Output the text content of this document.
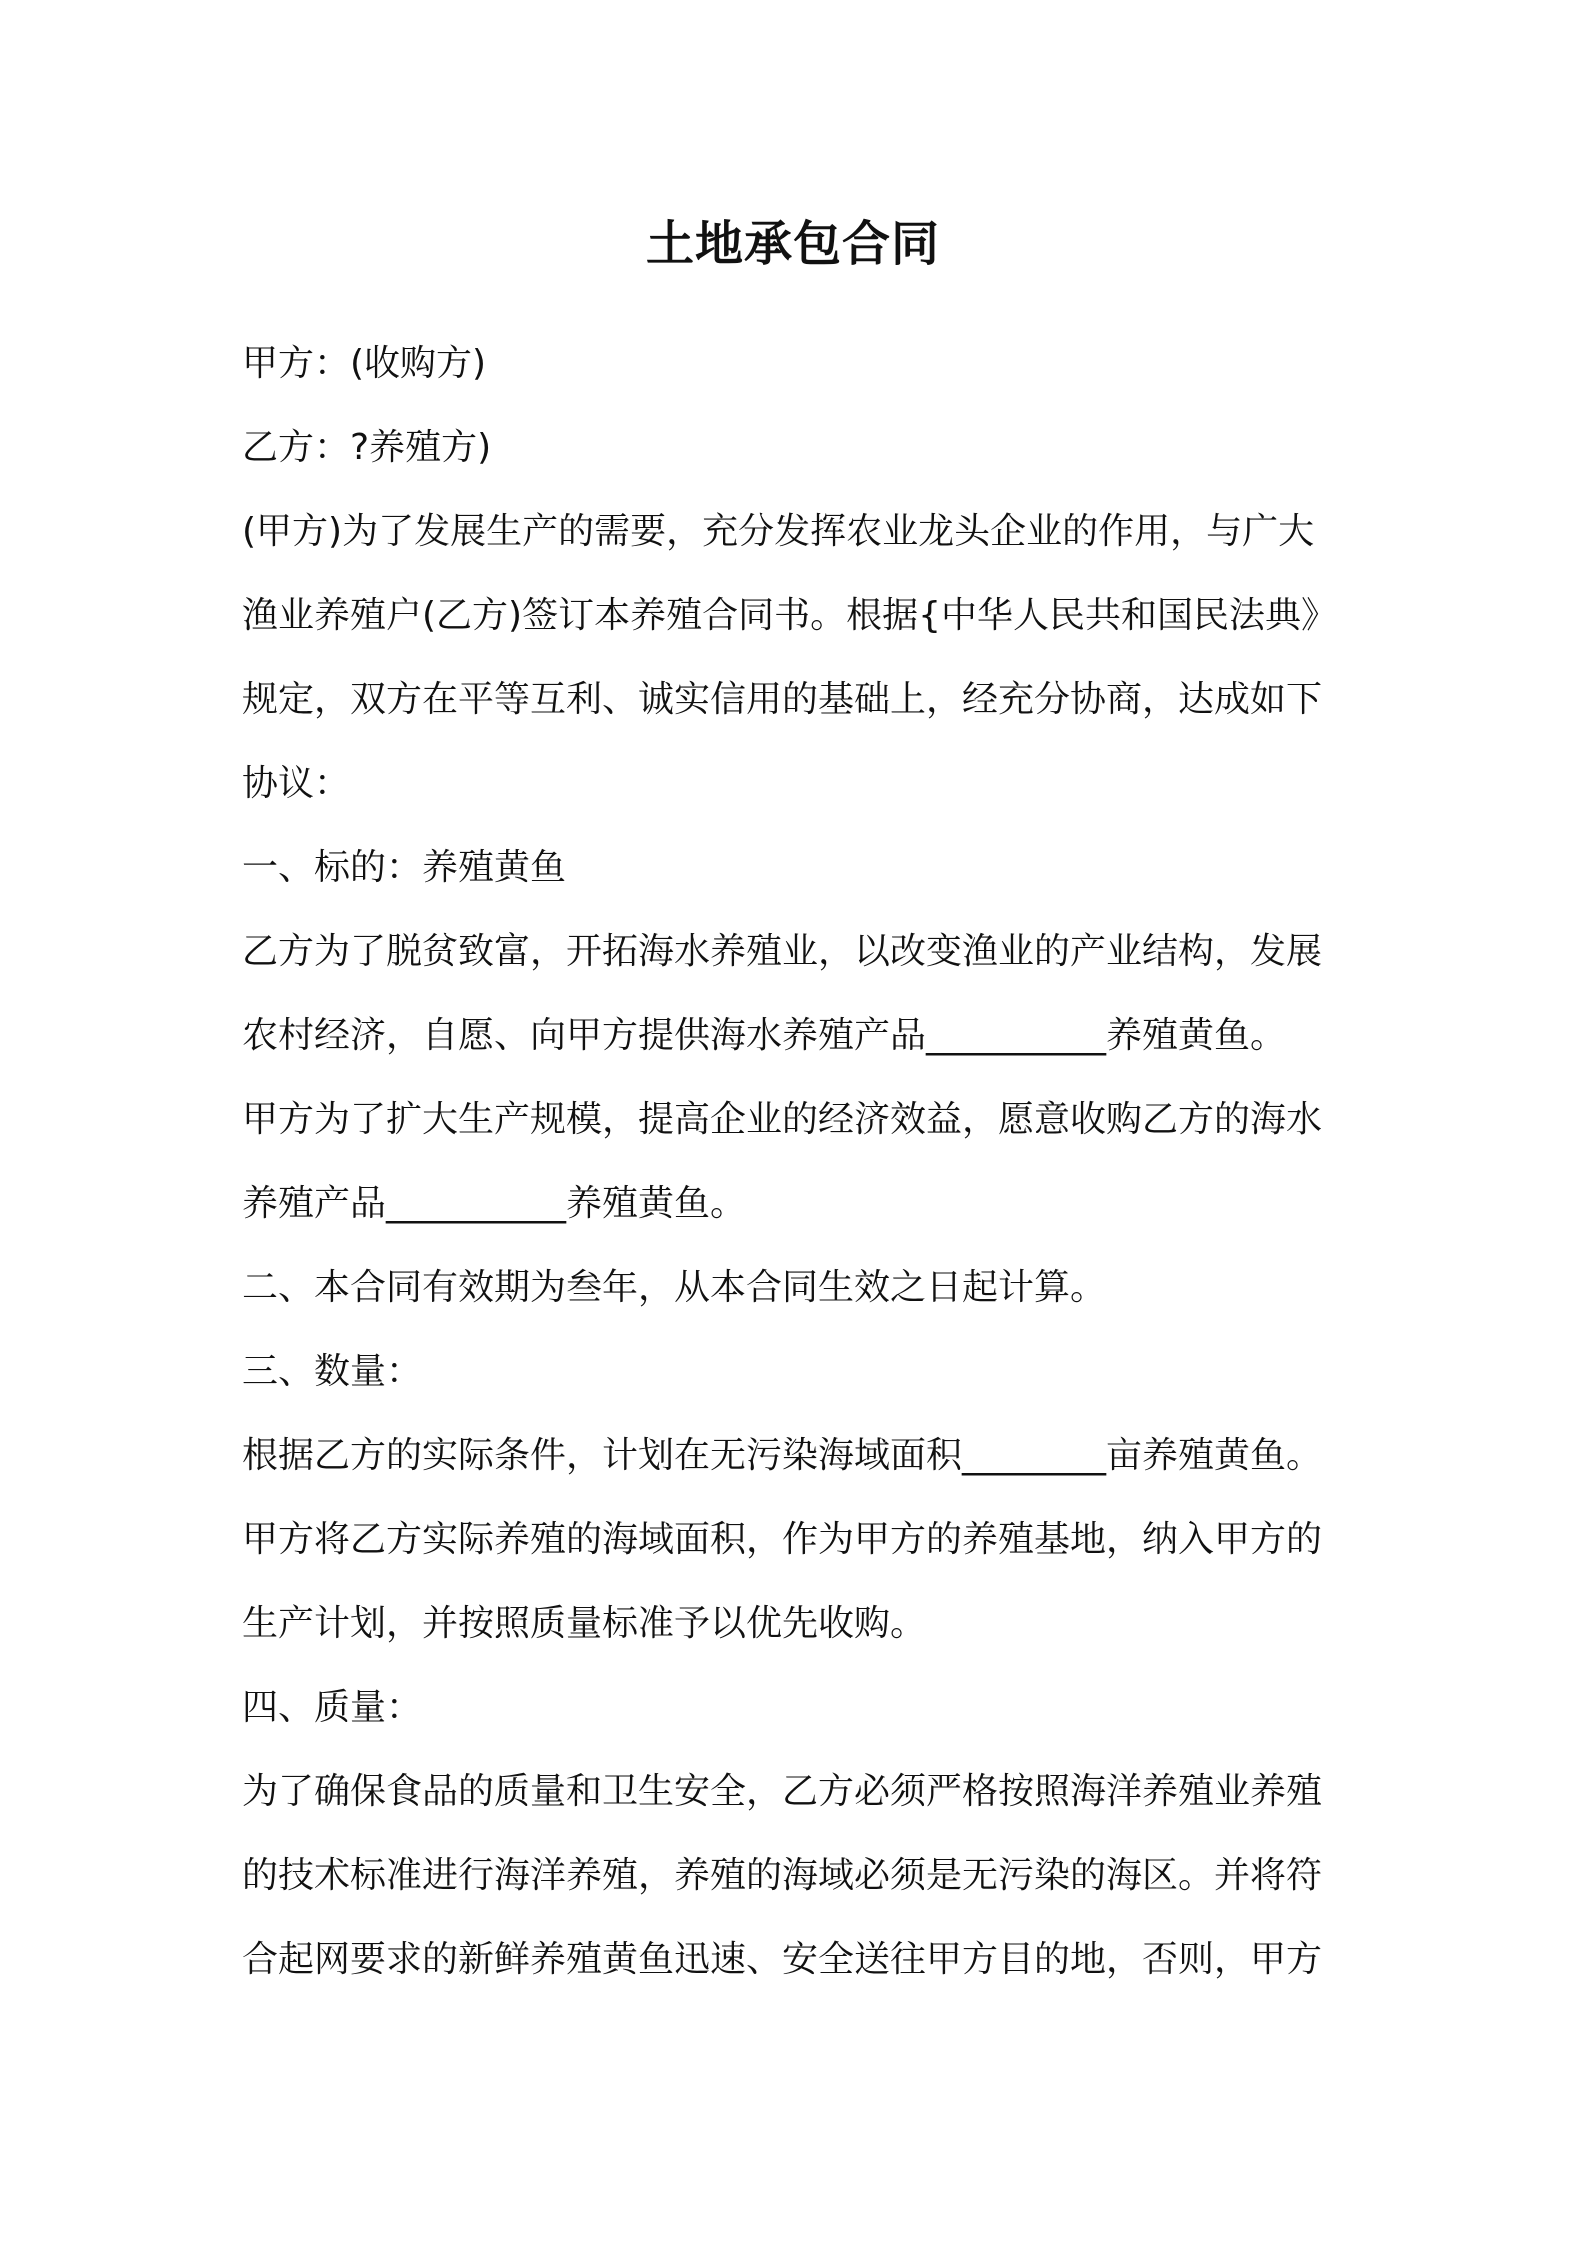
土地承包合同
甲方：(收购方)
乙方：?养殖方)
(甲方)为了发展生产的需要，充分发挥农业龙头企业的作用，与广大
渔业养殖户(乙方)签订本养殖合同书。根据{中华人民共和国民法典》
规定，双方在平等互利、诚实信用的基础上，经充分协商，达成如下
协议：
一、标的：养殖黄鱼
乙方为了脱贫致富，开拓海水养殖业，以改变渔业的产业结构，发展
农村经济，自愿、向甲方提供海水养殖产品__________养殖黄鱼。
甲方为了扩大生产规模，提高企业的经济效益，愿意收购乙方的海水
养殖产品__________养殖黄鱼。
二、本合同有效期为叁年，从本合同生效之日起计算。
三、数量：
根据乙方的实际条件，计划在无污染海域面积________亩养殖黄鱼。
甲方将乙方实际养殖的海域面积，作为甲方的养殖基地，纳入甲方的
生产计划，并按照质量标准予以优先收购。
四、质量：
为了确保食品的质量和卫生安全，乙方必须严格按照海洋养殖业养殖
的技术标准进行海洋养殖，养殖的海域必须是无污染的海区。并将符
合起网要求的新鲜养殖黄鱼迅速、安全送往甲方目的地，否则，甲方
